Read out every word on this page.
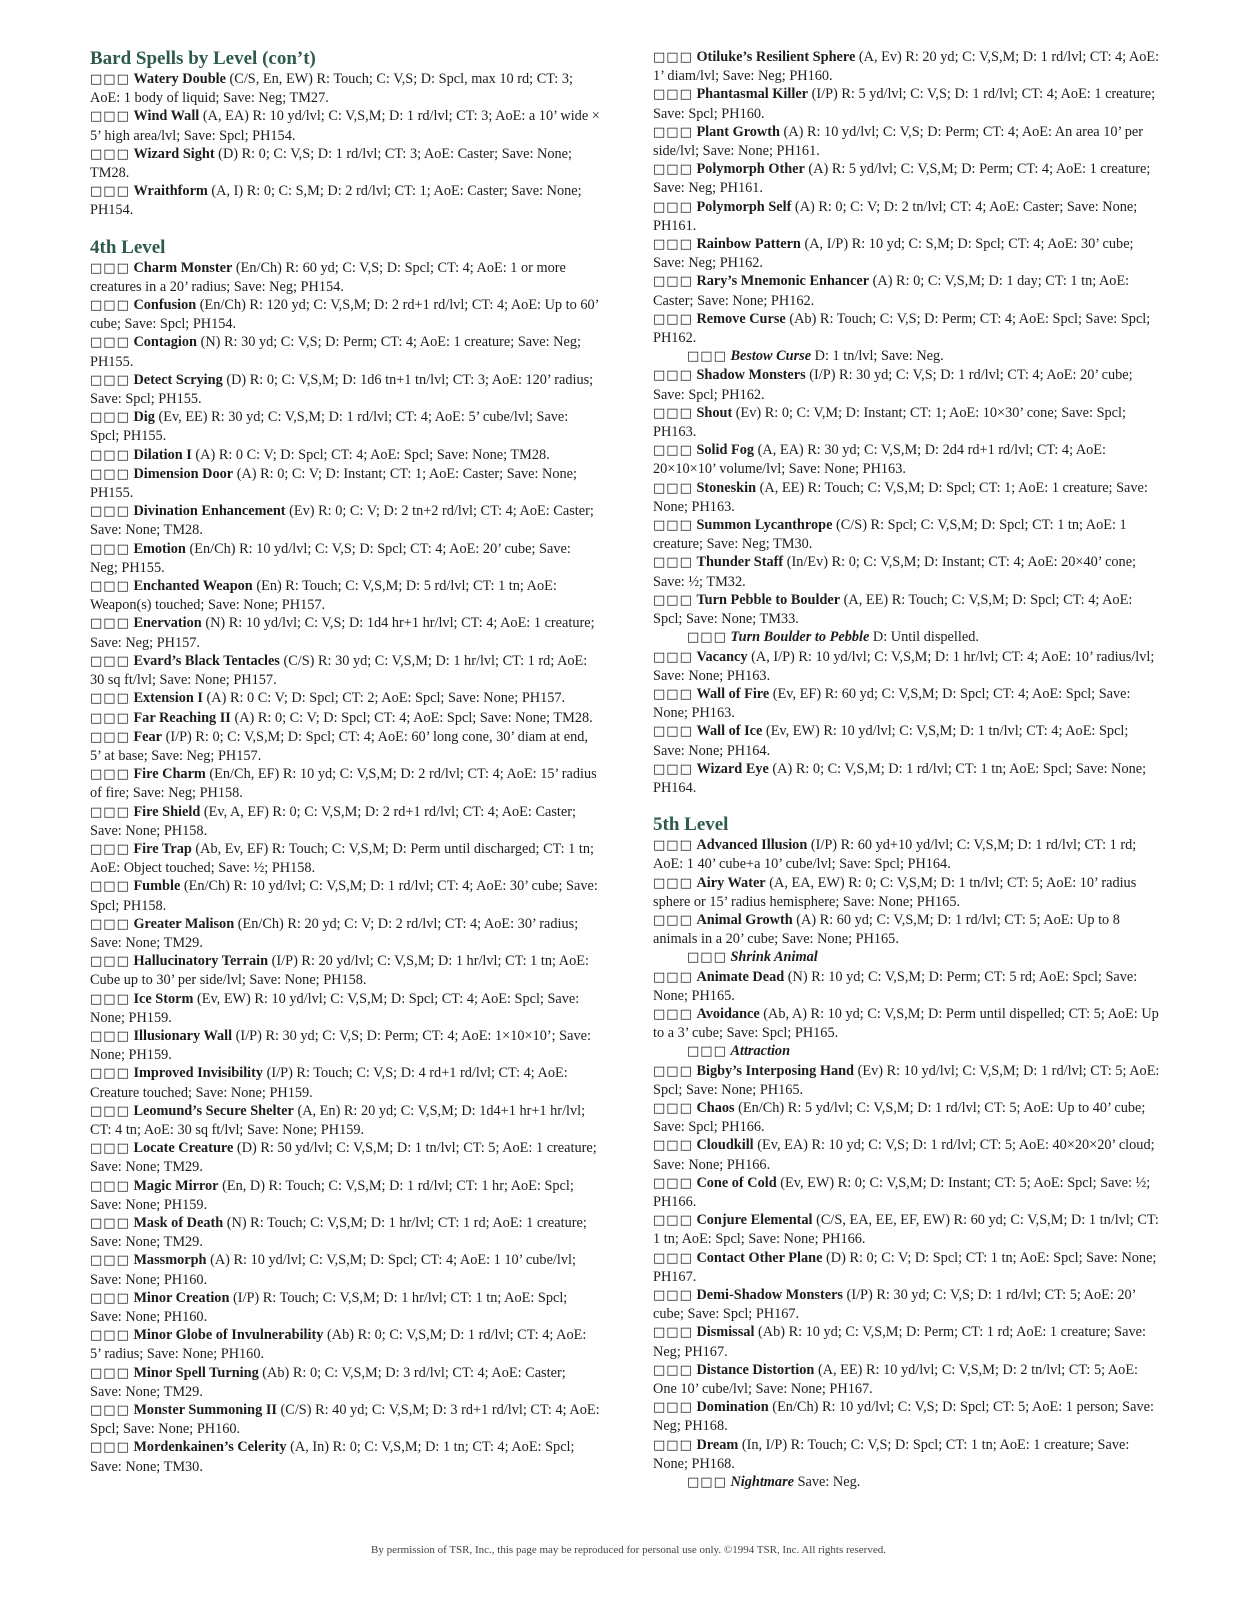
Bard Spells by Level (con’t)

□□□ Watery Double (C/S, En, EW) R: Touch; C: V,S; D: Spcl, max 10 rd; CT: 3; AoE: 1 body of liquid; Save: Neg; TM27.

□□□ Wind Wall (A, EA) R: 10 yd/lvl; C: V,S,M; D: 1 rd/lvl; CT: 3; AoE: a 10’ wide × 5’ high area/lvl; Save: Spcl; PH154.

□□□ Wizard Sight (D) R: 0; C: V,S; D: 1 rd/lvl; CT: 3; AoE: Caster; Save: None; TM28.

□□□ Wraithform (A, I) R: 0; C: S,M; D: 2 rd/lvl; CT: 1; AoE: Caster; Save: None; PH154.

4th Level

□□□ Charm Monster (En/Ch) R: 60 yd; C: V,S; D: Spcl; CT: 4; AoE: 1 or more creatures in a 20’ radius; Save: Neg; PH154.

□□□ Confusion (En/Ch) R: 120 yd; C: V,S,M; D: 2 rd+1 rd/lvl; CT: 4; AoE: Up to 60’ cube; Save: Spcl; PH154.

□□□ Contagion (N) R: 30 yd; C: V,S; D: Perm; CT: 4; AoE: 1 creature; Save: Neg; PH155.

□□□ Detect Scrying (D) R: 0; C: V,S,M; D: 1d6 tn+1 tn/lvl; CT: 3; AoE: 120’ radius; Save: Spcl; PH155.

□□□ Dig (Ev, EE) R: 30 yd; C: V,S,M; D: 1 rd/lvl; CT: 4; AoE: 5’ cube/lvl; Save: Spcl; PH155.

□□□ Dilation I (A) R: 0 C: V; D: Spcl; CT: 4; AoE: Spcl; Save: None; TM28.

□□□ Dimension Door (A) R: 0; C: V; D: Instant; CT: 1; AoE: Caster; Save: None; PH155.

□□□ Divination Enhancement (Ev) R: 0; C: V; D: 2 tn+2 rd/lvl; CT: 4; AoE: Caster; Save: None; TM28.

□□□ Emotion (En/Ch) R: 10 yd/lvl; C: V,S; D: Spcl; CT: 4; AoE: 20’ cube; Save: Neg; PH155.

□□□ Enchanted Weapon (En) R: Touch; C: V,S,M; D: 5 rd/lvl; CT: 1 tn; AoE: Weapon(s) touched; Save: None; PH157.

□□□ Enervation (N) R: 10 yd/lvl; C: V,S; D: 1d4 hr+1 hr/lvl; CT: 4; AoE: 1 creature; Save: Neg; PH157.

□□□ Evard’s Black Tentacles (C/S) R: 30 yd; C: V,S,M; D: 1 hr/lvl; CT: 1 rd; AoE: 30 sq ft/lvl; Save: None; PH157.

□□□ Extension I (A) R: 0 C: V; D: Spcl; CT: 2; AoE: Spcl; Save: None; PH157.

□□□ Far Reaching II (A) R: 0; C: V; D: Spcl; CT: 4; AoE: Spcl; Save: None; TM28.

□□□ Fear (I/P) R: 0; C: V,S,M; D: Spcl; CT: 4; AoE: 60’ long cone, 30’ diam at end, 5’ at base; Save: Neg; PH157.

□□□ Fire Charm (En/Ch, EF) R: 10 yd; C: V,S,M; D: 2 rd/lvl; CT: 4; AoE: 15’ radius of fire; Save: Neg; PH158.

□□□ Fire Shield (Ev, A, EF) R: 0; C: V,S,M; D: 2 rd+1 rd/lvl; CT: 4; AoE: Caster; Save: None; PH158.

□□□ Fire Trap (Ab, Ev, EF) R: Touch; C: V,S,M; D: Perm until discharged; CT: 1 tn; AoE: Object touched; Save: ½; PH158.

□□□ Fumble (En/Ch) R: 10 yd/lvl; C: V,S,M; D: 1 rd/lvl; CT: 4; AoE: 30’ cube; Save: Spcl; PH158.

□□□ Greater Malison (En/Ch) R: 20 yd; C: V; D: 2 rd/lvl; CT: 4; AoE: 30’ radius; Save: None; TM29.

□□□ Hallucinatory Terrain (I/P) R: 20 yd/lvl; C: V,S,M; D: 1 hr/lvl; CT: 1 tn; AoE: Cube up to 30’ per side/lvl; Save: None; PH158.

□□□ Ice Storm (Ev, EW) R: 10 yd/lvl; C: V,S,M; D: Spcl; CT: 4; AoE: Spcl; Save: None; PH159.

□□□ Illusionary Wall (I/P) R: 30 yd; C: V,S; D: Perm; CT: 4; AoE: 1×10×10’; Save: None; PH159.

□□□ Improved Invisibility (I/P) R: Touch; C: V,S; D: 4 rd+1 rd/lvl; CT: 4; AoE: Creature touched; Save: None; PH159.

□□□ Leomund’s Secure Shelter (A, En) R: 20 yd; C: V,S,M; D: 1d4+1 hr+1 hr/lvl; CT: 4 tn; AoE: 30 sq ft/lvl; Save: None; PH159.

□□□ Locate Creature (D) R: 50 yd/lvl; C: V,S,M; D: 1 tn/lvl; CT: 5; AoE: 1 creature; Save: None; TM29.

□□□ Magic Mirror (En, D) R: Touch; C: V,S,M; D: 1 rd/lvl; CT: 1 hr; AoE: Spcl; Save: None; PH159.

□□□ Mask of Death (N) R: Touch; C: V,S,M; D: 1 hr/lvl; CT: 1 rd; AoE: 1 creature; Save: None; TM29.

□□□ Massmorph (A) R: 10 yd/lvl; C: V,S,M; D: Spcl; CT: 4; AoE: 1 10’ cube/lvl; Save: None; PH160.

□□□ Minor Creation (I/P) R: Touch; C: V,S,M; D: 1 hr/lvl; CT: 1 tn; AoE: Spcl; Save: None; PH160.

□□□ Minor Globe of Invulnerability (Ab) R: 0; C: V,S,M; D: 1 rd/lvl; CT: 4; AoE: 5’ radius; Save: None; PH160.

□□□ Minor Spell Turning (Ab) R: 0; C: V,S,M; D: 3 rd/lvl; CT: 4; AoE: Caster; Save: None; TM29.

□□□ Monster Summoning II (C/S) R: 40 yd; C: V,S,M; D: 3 rd+1 rd/lvl; CT: 4; AoE: Spcl; Save: None; PH160.

□□□ Mordenkainen’s Celerity (A, In) R: 0; C: V,S,M; D: 1 tn; CT: 4; AoE: Spcl; Save: None; TM30.

□□□ Otiluke’s Resilient Sphere (A, Ev) R: 20 yd; C: V,S,M; D: 1 rd/lvl; CT: 4; AoE: 1’ diam/lvl; Save: Neg; PH160.

□□□ Phantasmal Killer (I/P) R: 5 yd/lvl; C: V,S; D: 1 rd/lvl; CT: 4; AoE: 1 creature; Save: Spcl; PH160.

□□□ Plant Growth (A) R: 10 yd/lvl; C: V,S; D: Perm; CT: 4; AoE: An area 10’ per side/lvl; Save: None; PH161.

□□□ Polymorph Other (A) R: 5 yd/lvl; C: V,S,M; D: Perm; CT: 4; AoE: 1 creature; Save: Neg; PH161.

□□□ Polymorph Self (A) R: 0; C: V; D: 2 tn/lvl; CT: 4; AoE: Caster; Save: None; PH161.

□□□ Rainbow Pattern (A, I/P) R: 10 yd; C: S,M; D: Spcl; CT: 4; AoE: 30’ cube; Save: Neg; PH162.

□□□ Rary’s Mnemonic Enhancer (A) R: 0; C: V,S,M; D: 1 day; CT: 1 tn; AoE: Caster; Save: None; PH162.

□□□ Remove Curse (Ab) R: Touch; C: V,S; D: Perm; CT: 4; AoE: Spcl; Save: Spcl; PH162.

□□□ Bestow Curse D: 1 tn/lvl; Save: Neg.

□□□ Shadow Monsters (I/P) R: 30 yd; C: V,S; D: 1 rd/lvl; CT: 4; AoE: 20’ cube; Save: Spcl; PH162.

□□□ Shout (Ev) R: 0; C: V,M; D: Instant; CT: 1; AoE: 10×30’ cone; Save: Spcl; PH163.

□□□ Solid Fog (A, EA) R: 30 yd; C: V,S,M; D: 2d4 rd+1 rd/lvl; CT: 4; AoE: 20×10×10’ volume/lvl; Save: None; PH163.

□□□ Stoneskin (A, EE) R: Touch; C: V,S,M; D: Spcl; CT: 1; AoE: 1 creature; Save: None; PH163.

□□□ Summon Lycanthrope (C/S) R: Spcl; C: V,S,M; D: Spcl; CT: 1 tn; AoE: 1 creature; Save: Neg; TM30.

□□□ Thunder Staff (In/Ev) R: 0; C: V,S,M; D: Instant; CT: 4; AoE: 20×40’ cone; Save: ½; TM32.

□□□ Turn Pebble to Boulder (A, EE) R: Touch; C: V,S,M; D: Spcl; CT: 4; AoE: Spcl; Save: None; TM33.

□□□ Turn Boulder to Pebble D: Until dispelled.

□□□ Vacancy (A, I/P) R: 10 yd/lvl; C: V,S,M; D: 1 hr/lvl; CT: 4; AoE: 10’ radius/lvl; Save: None; PH163.

□□□ Wall of Fire (Ev, EF) R: 60 yd; C: V,S,M; D: Spcl; CT: 4; AoE: Spcl; Save: None; PH163.

□□□ Wall of Ice (Ev, EW) R: 10 yd/lvl; C: V,S,M; D: 1 tn/lvl; CT: 4; AoE: Spcl; Save: None; PH164.

□□□ Wizard Eye (A) R: 0; C: V,S,M; D: 1 rd/lvl; CT: 1 tn; AoE: Spcl; Save: None; PH164.

5th Level

□□□ Advanced Illusion (I/P) R: 60 yd+10 yd/lvl; C: V,S,M; D: 1 rd/lvl; CT: 1 rd; AoE: 1 40’ cube+a 10’ cube/lvl; Save: Spcl; PH164.

□□□ Airy Water (A, EA, EW) R: 0; C: V,S,M; D: 1 tn/lvl; CT: 5; AoE: 10’ radius sphere or 15’ radius hemisphere; Save: None; PH165.

□□□ Animal Growth (A) R: 60 yd; C: V,S,M; D: 1 rd/lvl; CT: 5; AoE: Up to 8 animals in a 20’ cube; Save: None; PH165.

□□□ Shrink Animal

□□□ Animate Dead (N) R: 10 yd; C: V,S,M; D: Perm; CT: 5 rd; AoE: Spcl; Save: None; PH165.

□□□ Avoidance (Ab, A) R: 10 yd; C: V,S,M; D: Perm until dispelled; CT: 5; AoE: Up to a 3’ cube; Save: Spcl; PH165.

□□□ Attraction

□□□ Bigby’s Interposing Hand (Ev) R: 10 yd/lvl; C: V,S,M; D: 1 rd/lvl; CT: 5; AoE: Spcl; Save: None; PH165.

□□□ Chaos (En/Ch) R: 5 yd/lvl; C: V,S,M; D: 1 rd/lvl; CT: 5; AoE: Up to 40’ cube; Save: Spcl; PH166.

□□□ Cloudkill (Ev, EA) R: 10 yd; C: V,S; D: 1 rd/lvl; CT: 5; AoE: 40×20×20’ cloud; Save: None; PH166.

□□□ Cone of Cold (Ev, EW) R: 0; C: V,S,M; D: Instant; CT: 5; AoE: Spcl; Save: ½; PH166.

□□□ Conjure Elemental (C/S, EA, EE, EF, EW) R: 60 yd; C: V,S,M; D: 1 tn/lvl; CT: 1 tn; AoE: Spcl; Save: None; PH166.

□□□ Contact Other Plane (D) R: 0; C: V; D: Spcl; CT: 1 tn; AoE: Spcl; Save: None; PH167.

□□□ Demi-Shadow Monsters (I/P) R: 30 yd; C: V,S; D: 1 rd/lvl; CT: 5; AoE: 20’ cube; Save: Spcl; PH167.

□□□ Dismissal (Ab) R: 10 yd; C: V,S,M; D: Perm; CT: 1 rd; AoE: 1 creature; Save: Neg; PH167.

□□□ Distance Distortion (A, EE) R: 10 yd/lvl; C: V,S,M; D: 2 tn/lvl; CT: 5; AoE: One 10’ cube/lvl; Save: None; PH167.

□□□ Domination (En/Ch) R: 10 yd/lvl; C: V,S; D: Spcl; CT: 5; AoE: 1 person; Save: Neg; PH168.

□□□ Dream (In, I/P) R: Touch; C: V,S; D: Spcl; CT: 1 tn; AoE: 1 creature; Save: None; PH168.

□□□ Nightmare Save: Neg.

By permission of TSR, Inc., this page may be reproduced for personal use only. ©1994 TSR, Inc. All rights reserved.
